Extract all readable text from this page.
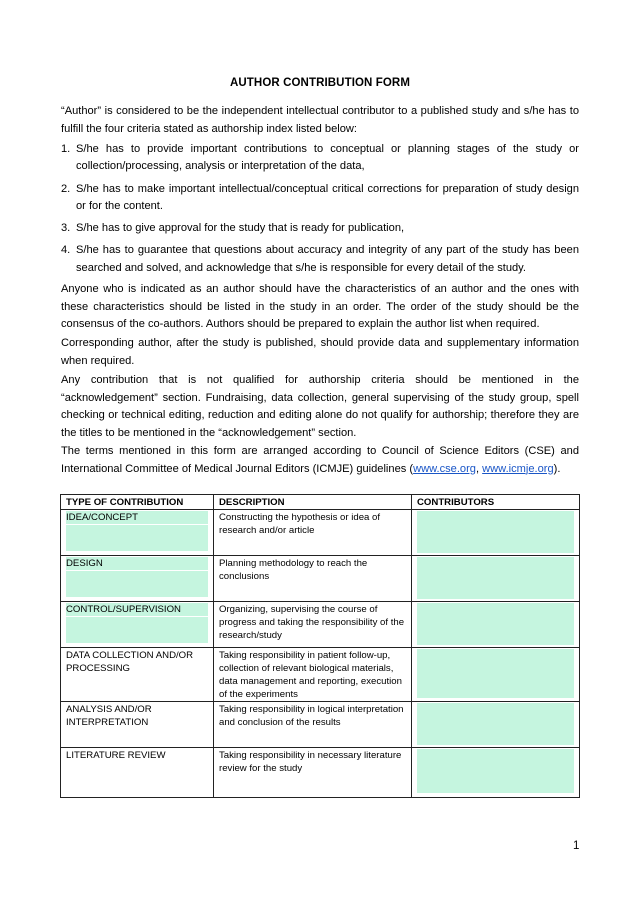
AUTHOR CONTRIBUTION FORM
“Author” is considered to be the independent intellectual contributor to a published study and s/he has to fulfill the four criteria stated as authorship index listed below:
1. S/he has to provide important contributions to conceptual or planning stages of the study or collection/processing, analysis or interpretation of the data,
2. S/he has to make important intellectual/conceptual critical corrections for preparation of study design or for the content.
3. S/he has to give approval for the study that is ready for publication,
4. S/he has to guarantee that questions about accuracy and integrity of any part of the study has been searched and solved, and acknowledge that s/he is responsible for every detail of the study.
Anyone who is indicated as an author should have the characteristics of an author and the ones with these characteristics should be listed in the study in an order. The order of the study should be the consensus of the co-authors. Authors should be prepared to explain the author list when required.
Corresponding author, after the study is published, should provide data and supplementary information when required.
Any contribution that is not qualified for authorship criteria should be mentioned in the “acknowledgement” section. Fundraising, data collection, general supervising of the study group, spell checking or technical editing, reduction and editing alone do not qualify for authorship; therefore they are the titles to be mentioned in the “acknowledgement” section.
The terms mentioned in this form are arranged according to Council of Science Editors (CSE) and International Committee of Medical Journal Editors (ICMJE) guidelines (www.cse.org, www.icmje.org).
TYPE OF CONTRIBUTION	DESCRIPTION	CONTRIBUTORS

IDEA/CONCEPT	Constructing the hypothesis or idea of research and/or article	

DESIGN	Planning methodology to reach the conclusions	

CONTROL/SUPERVISION	Organizing, supervising the course of progress and taking the responsibility of the research/study	

DATA COLLECTION AND/OR PROCESSING	Taking responsibility in patient follow-up, collection of relevant biological materials, data management and reporting, execution of the experiments	

ANALYSIS AND/OR INTERPRETATION	Taking responsibility in logical interpretation and conclusion of the results	

LITERATURE REVIEW	Taking responsibility in necessary literature review for the study	
1
